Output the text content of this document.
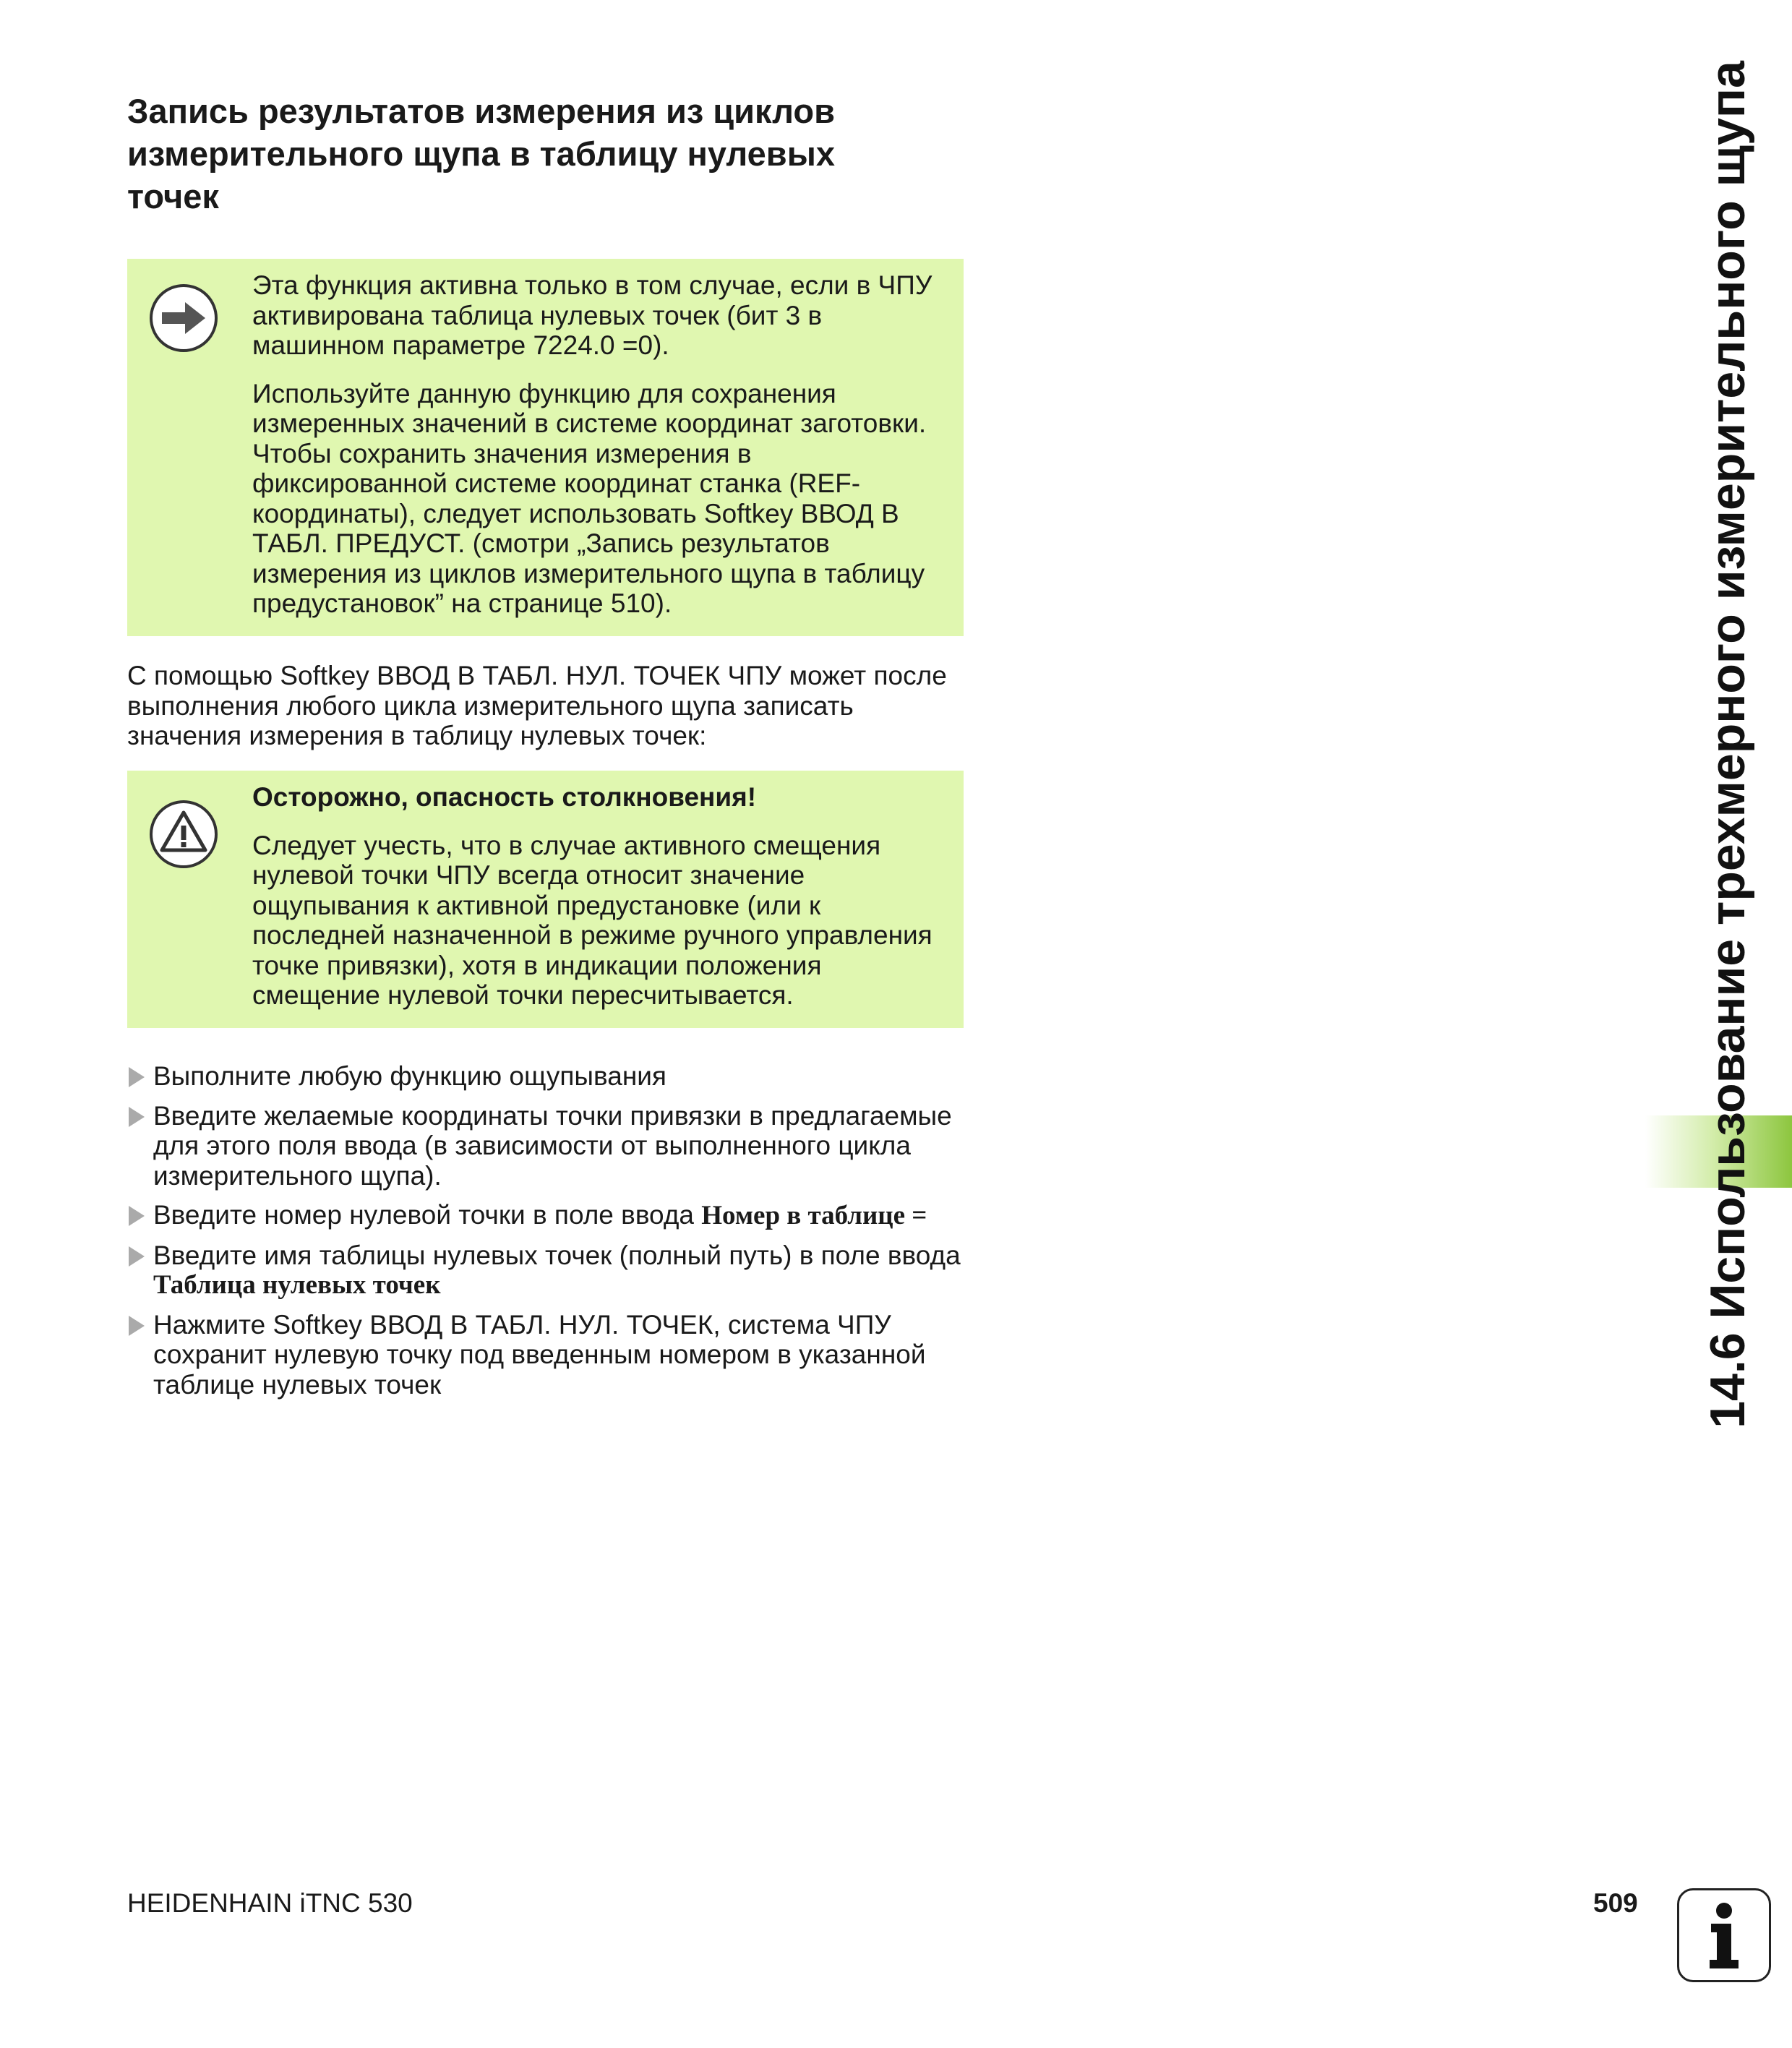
Запись результатов измерения из циклов
измерительного щупа в таблицу нулевых
точек
Эта функция активна только в том случае, если в ЧПУ
активирована таблица нулевых точек (бит 3 в
машинном параметре 7224.0 =0).
Используйте данную функцию для сохранения
измеренных значений в системе координат заготовки.
Чтобы сохранить значения измерения в
фиксированной системе координат станка (REF-
координаты), следует использовать Softkey ВВОД В
ТАБЛ. ПРЕДУСТ. (смотри „Запись результатов
измерения из циклов измерительного щупа в таблицу
предустановок” на странице 510).
С помощью Softkey ВВОД В ТАБЛ. НУЛ. ТОЧЕК ЧПУ может после
выполнения любого цикла измерительного щупа записать
значения измерения в таблицу нулевых точек:
Осторожно, опасность столкновения!
Следует учесть, что в случае активного смещения
нулевой точки ЧПУ всегда относит значение
ощупывания к активной предустановке (или к
последней назначенной в режиме ручного управления
точке привязки), хотя в индикации положения
смещение нулевой точки пересчитывается.
Выполните любую функцию ощупывания
Введите желаемые координаты точки привязки в предлагаемые
для этого поля ввода (в зависимости от выполненного цикла
измерительного щупа).
Введите номер нулевой точки в поле ввода Номер в таблице =
Введите имя таблицы нулевых точек (полный путь) в поле ввода
Таблица нулевых точек
Нажмите Softkey ВВОД В ТАБЛ. НУЛ. ТОЧЕК, система ЧПУ
сохранит нулевую точку под введенным номером в указанной
таблице нулевых точек	14.6 Использование трехмерного измерительного щупа
HEIDENHAIN iTNC 530	509
